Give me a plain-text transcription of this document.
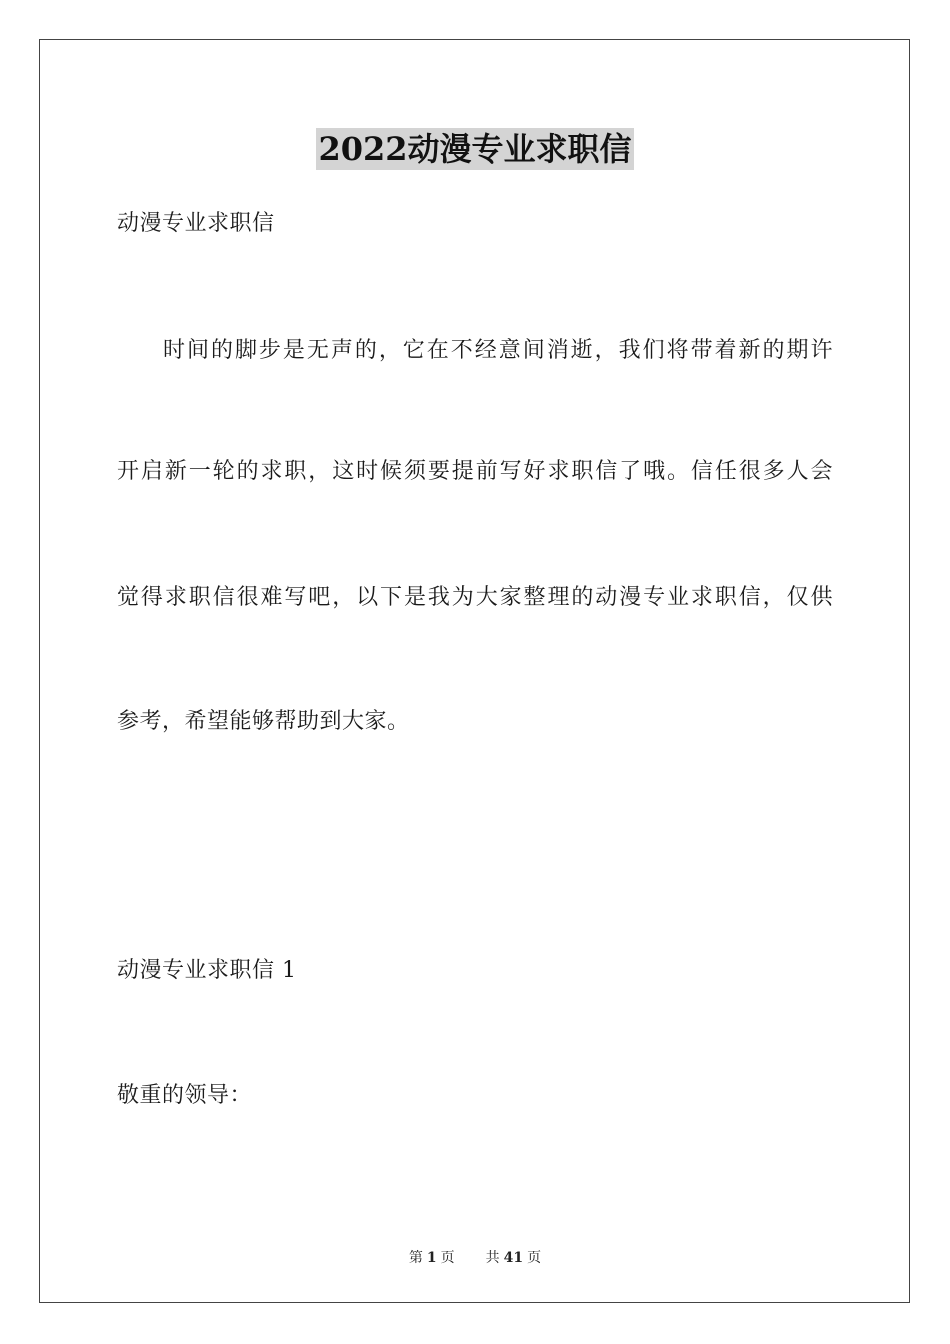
2022动漫专业求职信
动漫专业求职信
时间的脚步是无声的，它在不经意间消逝，我们将带着新的期许
开启新一轮的求职，这时候须要提前写好求职信了哦。信任很多人会
觉得求职信很难写吧，以下是我为大家整理的动漫专业求职信，仅供
参考，希望能够帮助到大家。
动漫专业求职信 1
敬重的领导：
第 1 页 共 41 页
